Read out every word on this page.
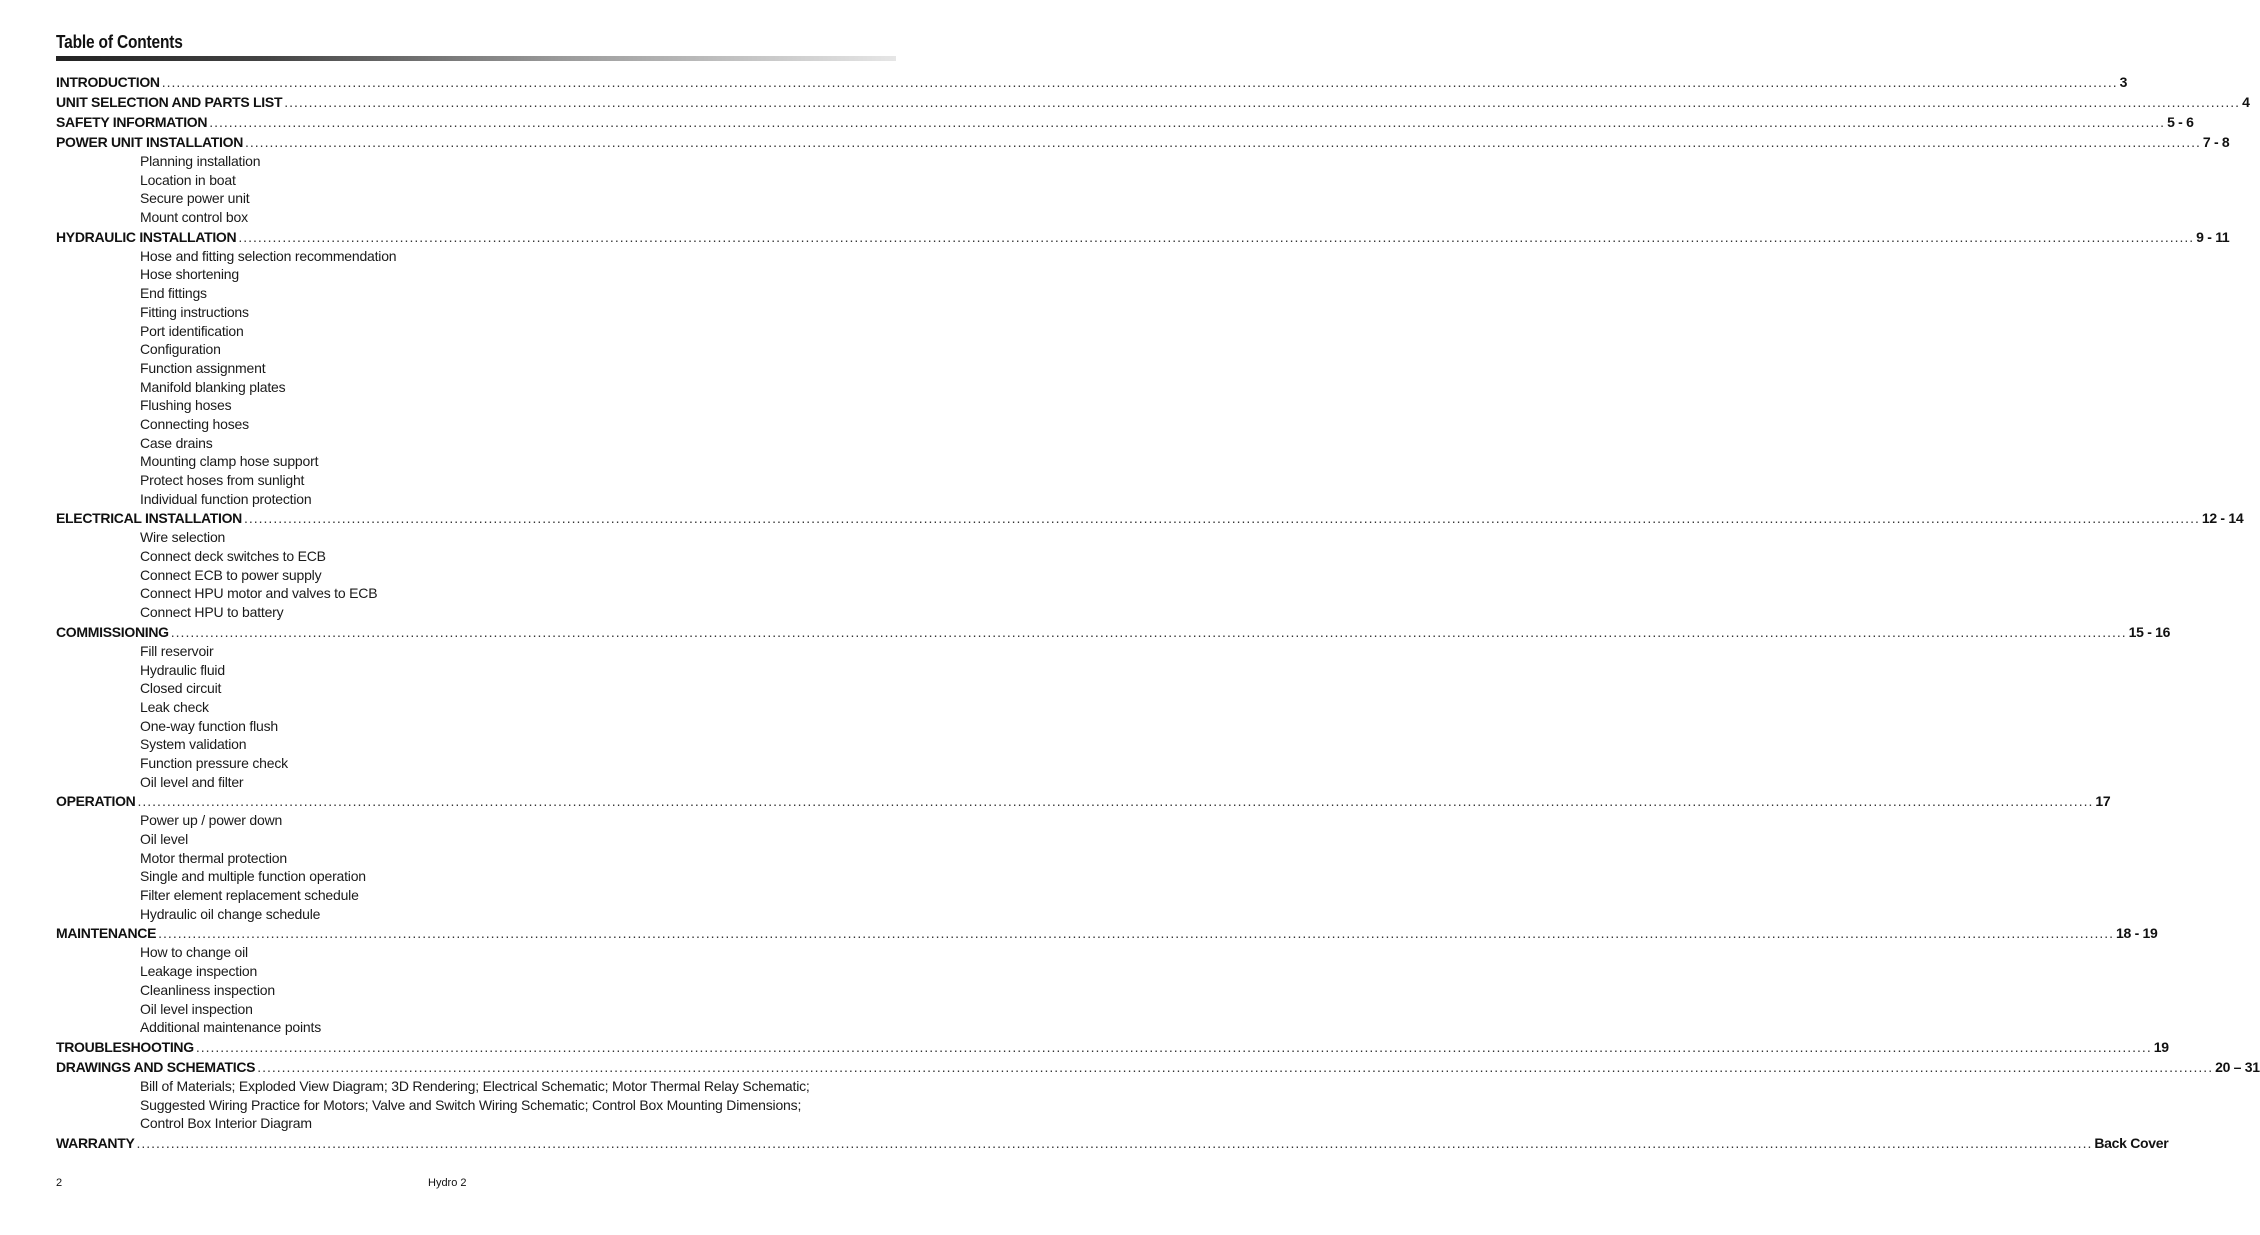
Table of Contents
INTRODUCTION ................................................................................................................................................................................................................................................................................................................................................................................................................ 3
UNIT SELECTION AND PARTS LIST ................................................................................................................................................................................................................................................................................................................................................................................................................ 4
SAFETY INFORMATION ................................................................................................................................................................................................................................................................................................................................................................................................................ 5 - 6
POWER UNIT INSTALLATION ................................................................................................................................................................................................................................................................................................................................................................................................................ 7 - 8
Planning installation
Location in boat
Secure power unit
Mount control box
HYDRAULIC INSTALLATION ................................................................................................................................................................................................................................................................................................................................................................................................................ 9 - 11
Hose and fitting selection recommendation
Hose shortening
End fittings
Fitting instructions
Port identification
Configuration
Function assignment
Manifold blanking plates
Flushing hoses
Connecting hoses
Case drains
Mounting clamp hose support
Protect hoses from sunlight
Individual function protection
ELECTRICAL INSTALLATION ................................................................................................................................................................................................................................................................................................................................................................................................................ 12 - 14
Wire selection
Connect deck switches to ECB
Connect ECB to power supply
Connect HPU motor and valves to ECB
Connect HPU to battery
COMMISSIONING ................................................................................................................................................................................................................................................................................................................................................................................................................ 15 - 16
Fill reservoir
Hydraulic fluid
Closed circuit
Leak check
One-way function flush
System validation
Function pressure check
Oil level and filter
OPERATION ................................................................................................................................................................................................................................................................................................................................................................................................................ 17
Power up / power down
Oil level
Motor thermal protection
Single and multiple function operation
Filter element replacement schedule
Hydraulic oil change schedule
MAINTENANCE ................................................................................................................................................................................................................................................................................................................................................................................................................ 18 - 19
How to change oil
Leakage inspection
Cleanliness inspection
Oil level inspection
Additional maintenance points
TROUBLESHOOTING ................................................................................................................................................................................................................................................................................................................................................................................................................ 19
DRAWINGS AND SCHEMATICS ................................................................................................................................................................................................................................................................................................................................................................................................................ 20 – 31
Bill of Materials; Exploded View Diagram; 3D Rendering; Electrical Schematic; Motor Thermal Relay Schematic;
Suggested Wiring Practice for Motors; Valve and Switch Wiring Schematic; Control Box Mounting Dimensions;
Control Box Interior Diagram
WARRANTY ................................................................................................................................................................................................................................................................................................................................................................................................................ Back Cover
2	Hydro 2
